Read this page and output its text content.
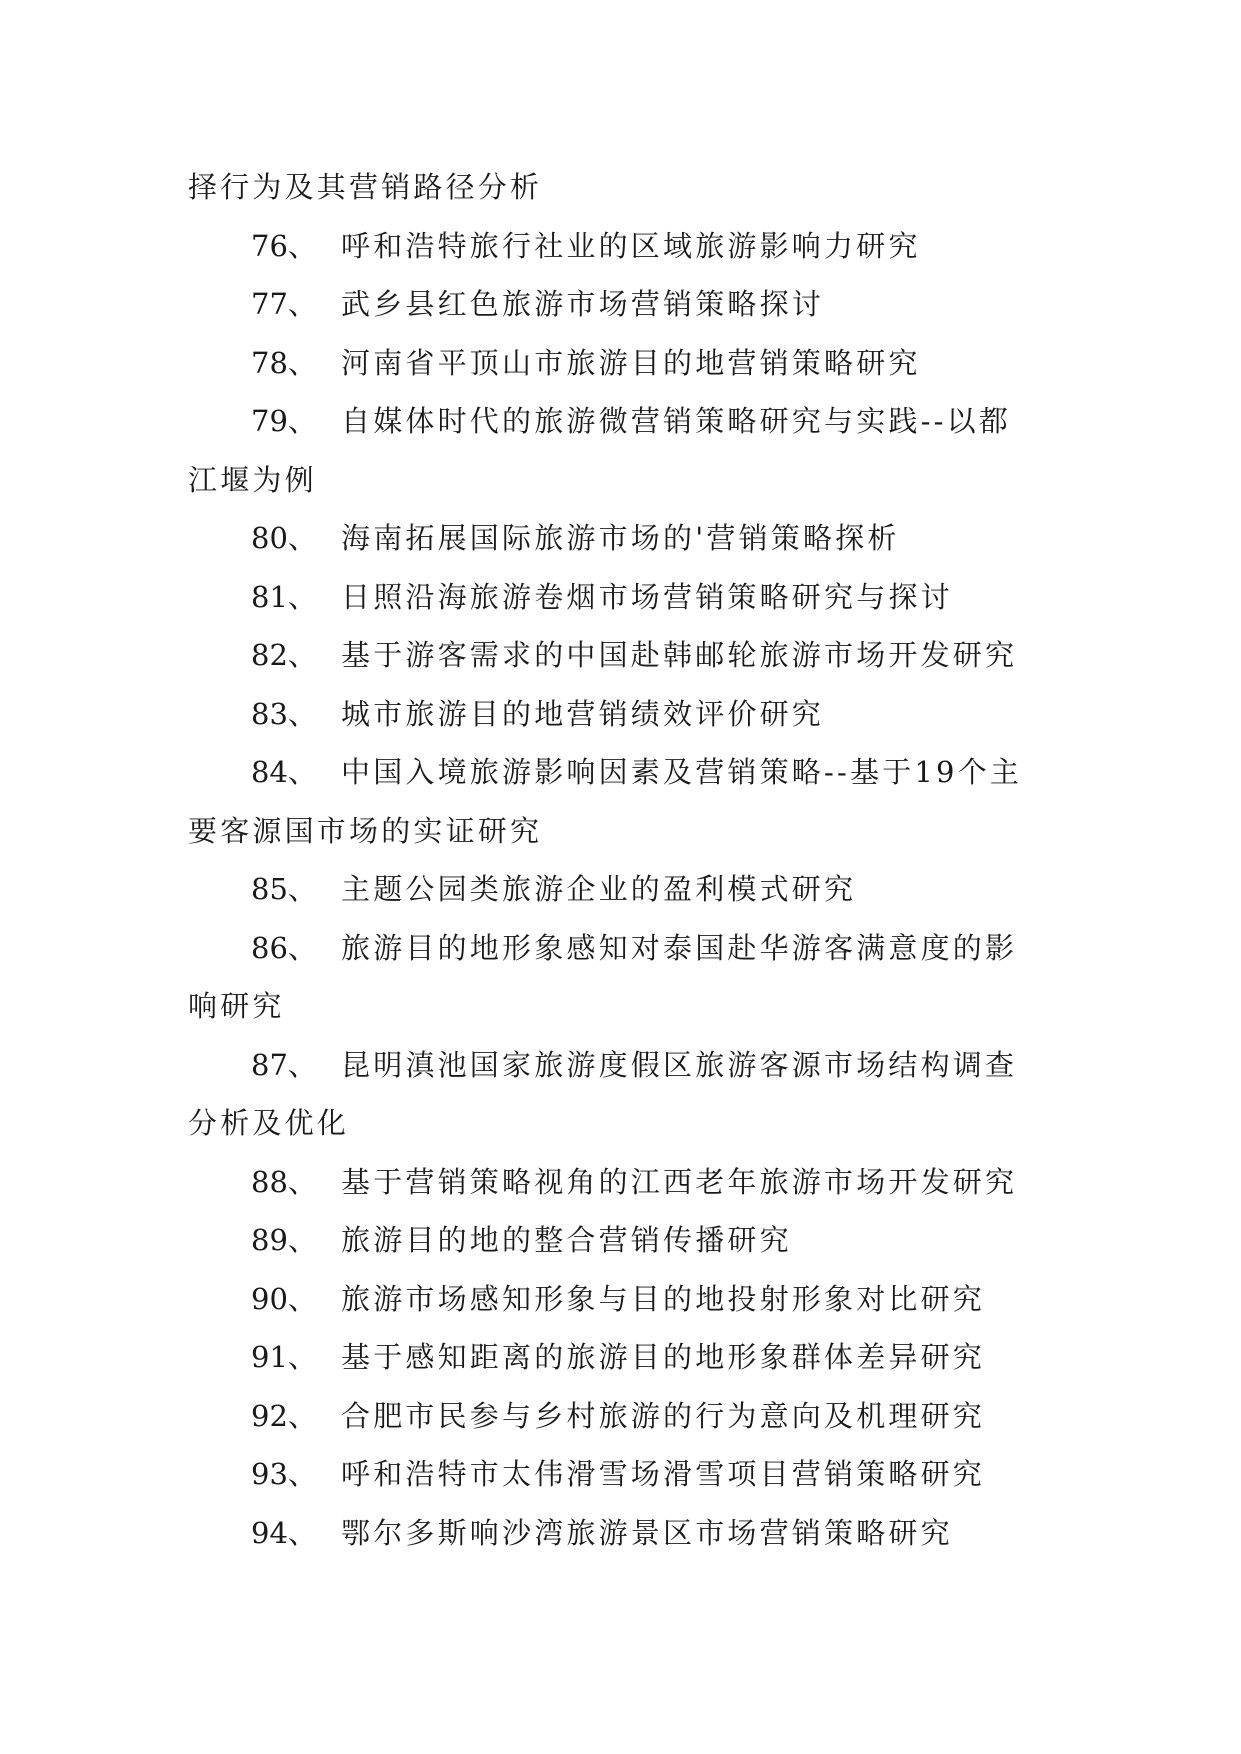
择行为及其营销路径分析
76、 呼和浩特旅行社业的区域旅游影响力研究
77、 武乡县红色旅游市场营销策略探讨
78、 河南省平顶山市旅游目的地营销策略研究
79、 自媒体时代的旅游微营销策略研究与实践--以都
江堰为例
80、 海南拓展国际旅游市场的'营销策略探析
81、 日照沿海旅游卷烟市场营销策略研究与探讨
82、 基于游客需求的中国赴韩邮轮旅游市场开发研究
83、 城市旅游目的地营销绩效评价研究
84、 中国入境旅游影响因素及营销策略--基于19个主
要客源国市场的实证研究
85、 主题公园类旅游企业的盈利模式研究
86、 旅游目的地形象感知对泰国赴华游客满意度的影
响研究
87、 昆明滇池国家旅游度假区旅游客源市场结构调查
分析及优化
88、 基于营销策略视角的江西老年旅游市场开发研究
89、 旅游目的地的整合营销传播研究
90、 旅游市场感知形象与目的地投射形象对比研究
91、 基于感知距离的旅游目的地形象群体差异研究
92、 合肥市民参与乡村旅游的行为意向及机理研究
93、 呼和浩特市太伟滑雪场滑雪项目营销策略研究
94、 鄂尔多斯响沙湾旅游景区市场营销策略研究
